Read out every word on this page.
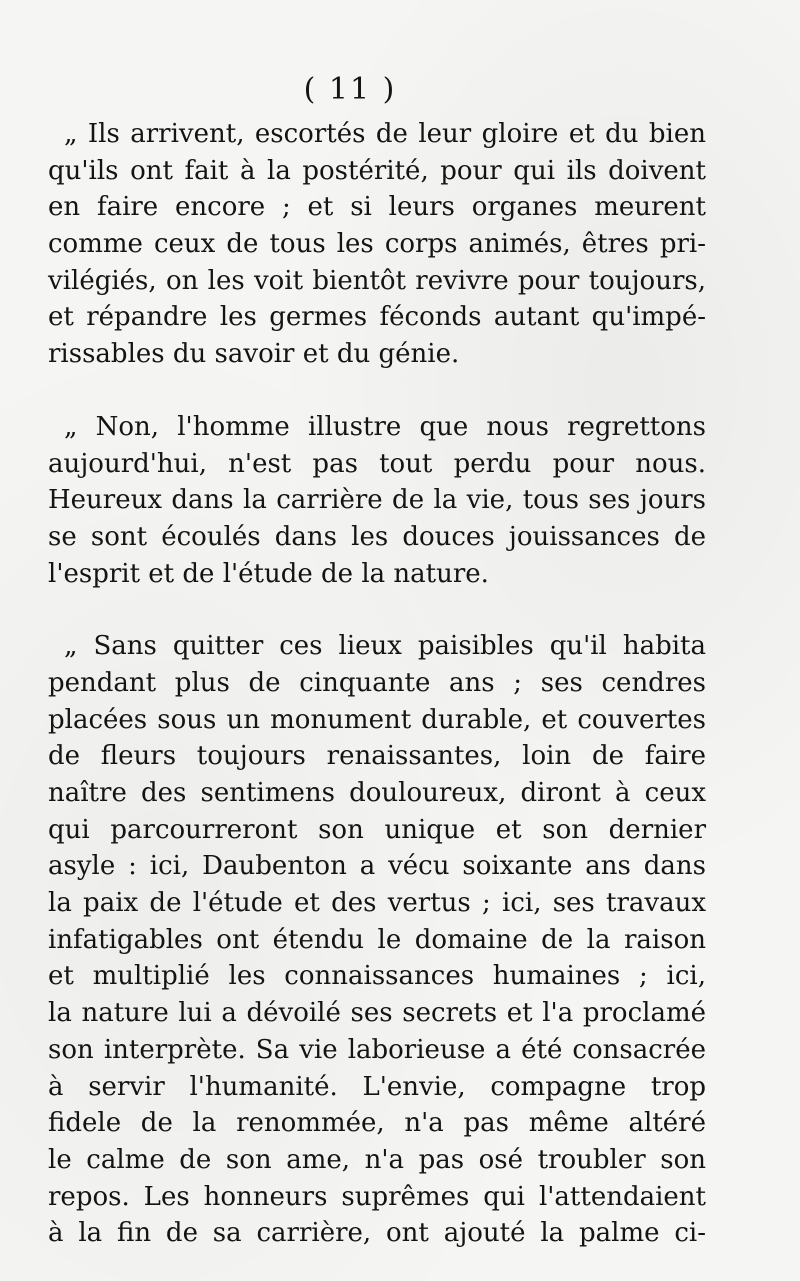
( 11 )
„ Ils arrivent, escortés de leur gloire et du bien
qu'ils ont fait à la postérité, pour qui ils doivent
en faire encore ; et si leurs organes meurent
comme ceux de tous les corps animés, êtres pri-
vilégiés, on les voit bientôt revivre pour toujours,
et répandre les germes féconds autant qu'impé-
rissables du savoir et du génie.
„ Non, l'homme illustre que nous regrettons
aujourd'hui, n'est pas tout perdu pour nous.
Heureux dans la carrière de la vie, tous ses jours
se sont écoulés dans les douces jouissances de
l'esprit et de l'étude de la nature.
„ Sans quitter ces lieux paisibles qu'il habita
pendant plus de cinquante ans ; ses cendres
placées sous un monument durable, et couvertes
de fleurs toujours renaissantes, loin de faire
naître des sentimens douloureux, diront à ceux
qui parcourreront son unique et son dernier
asyle : ici, Daubenton a vécu soixante ans dans
la paix de l'étude et des vertus ; ici, ses travaux
infatigables ont étendu le domaine de la raison
et multiplié les connaissances humaines ; ici,
la nature lui a dévoilé ses secrets et l'a proclamé
son interprète. Sa vie laborieuse a été consacrée
à servir l'humanité. L'envie, compagne trop
fidele de la renommée, n'a pas même altéré
le calme de son ame, n'a pas osé troubler son
repos. Les honneurs suprêmes qui l'attendaient
à la fin de sa carrière, ont ajouté la palme ci-
